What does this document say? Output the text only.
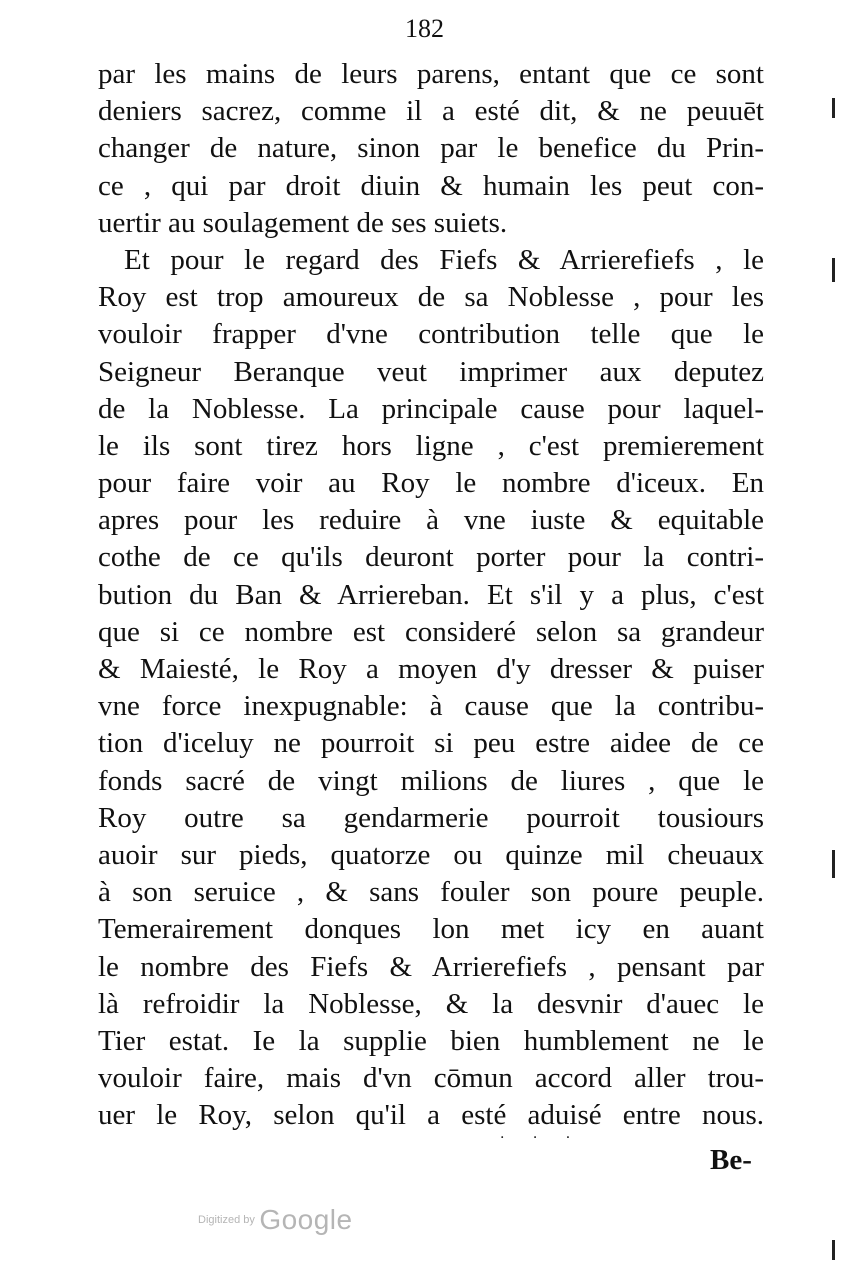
182
par les mains de leurs parens, entant que ce sont
deniers sacrez, comme il a esté dit, & ne peuuēt
changer de nature, sinon par le benefice du Prin-
ce , qui par droit diuin & humain les peut con-
uertir au soulagement de ses suiets.
Et pour le regard des Fiefs & Arrierefiefs , le
Roy est trop amoureux de sa Noblesse , pour les
vouloir frapper d'vne contribution telle que le
Seigneur Beranque veut imprimer aux deputez
de la Noblesse. La principale cause pour laquel-
le ils sont tirez hors ligne , c'est premierement
pour faire voir au Roy le nombre d'iceux. En
apres pour les reduire à vne iuste & equitable
cothe de ce qu'ils deuront porter pour la contri-
bution du Ban & Arriereban. Et s'il y a plus, c'est
que si ce nombre est consideré selon sa grandeur
& Maiesté, le Roy a moyen d'y dresser & puiser
vne force inexpugnable: à cause que la contribu-
tion d'iceluy ne pourroit si peu estre aidee de ce
fonds sacré de vingt milions de liures , que le
Roy outre sa gendarmerie pourroit tousiours
auoir sur pieds, quatorze ou quinze mil cheuaux
à son seruice , & sans fouler son poure peuple.
Temerairement donques lon met icy en auant
le nombre des Fiefs & Arrierefiefs , pensant par
là refroidir la Noblesse, & la desvnir d'auec le
Tier estat. Ie la supplie bien humblement ne le
vouloir faire, mais d'vn cōmun accord aller trou-
uer le Roy, selon qu'il a esté aduisé entre nous.
· · ·
Be-
Digitized by Google
